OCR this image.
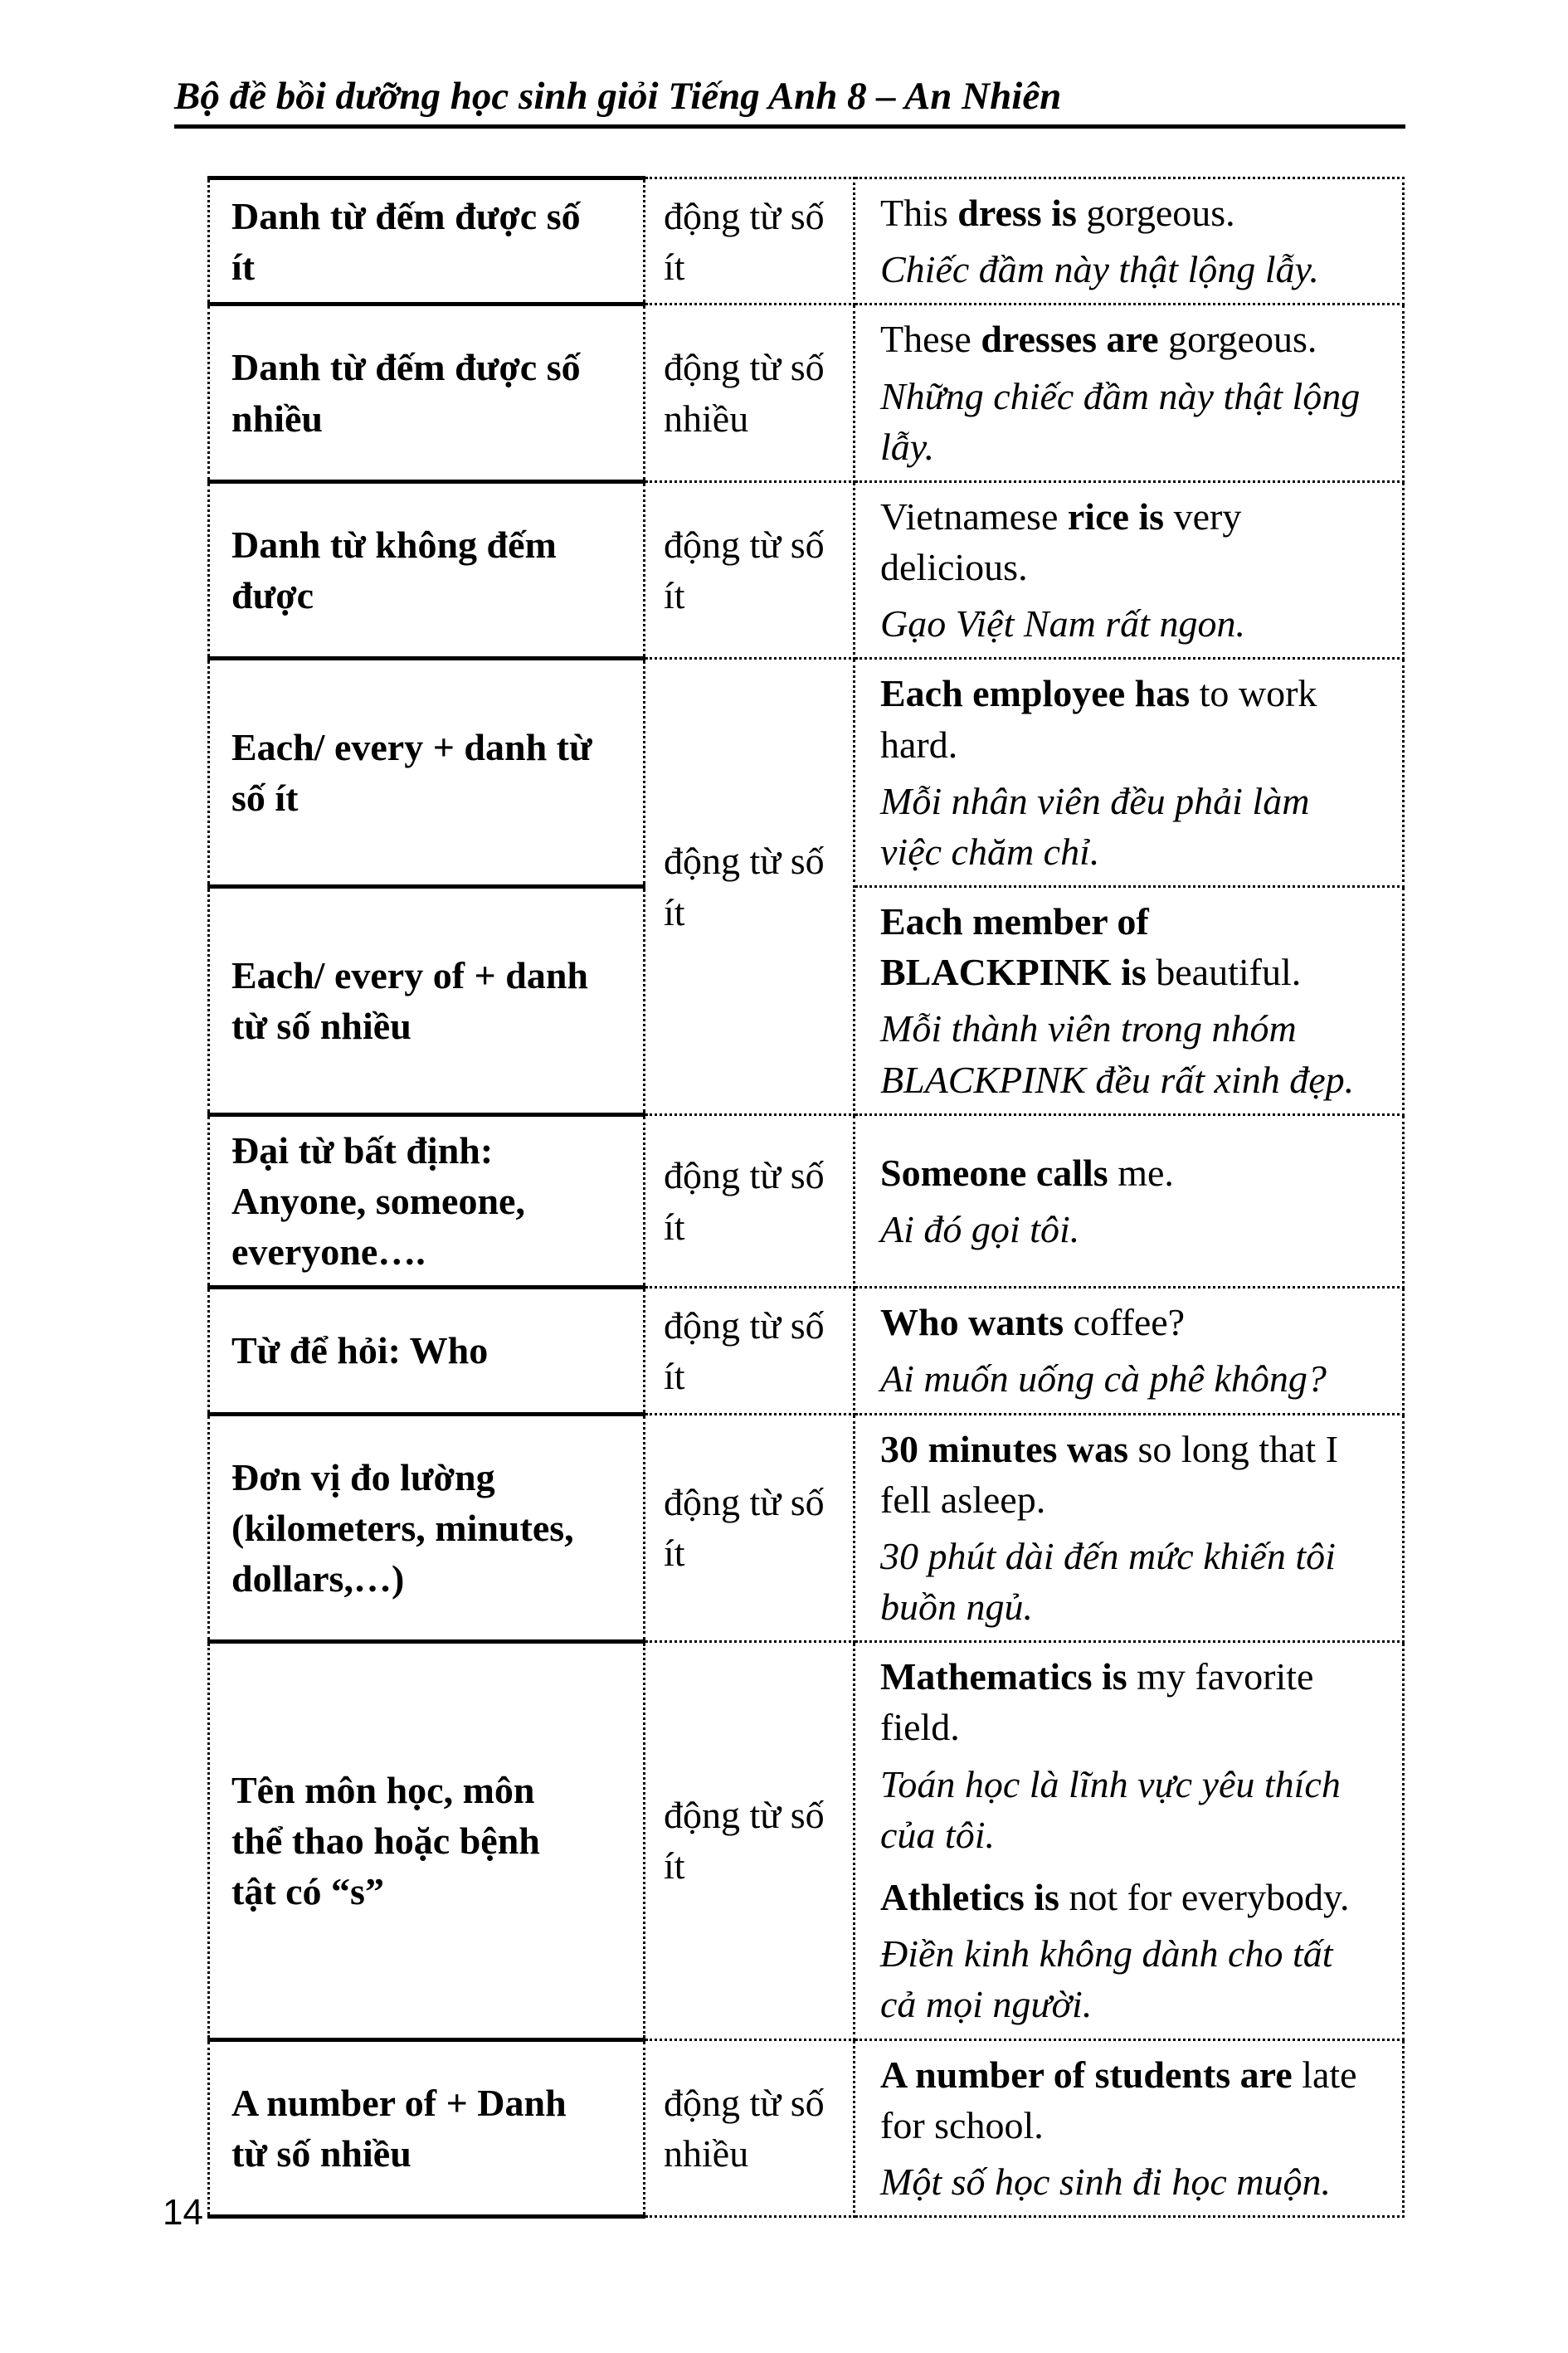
Bộ đề bồi dưỡng học sinh giỏi Tiếng Anh 8 – An Nhiên
Danh từ đếm được số ít	động từ số ít	This dress is gorgeous.

Chiếc đầm này thật lộng lẫy.

Danh từ đếm được số nhiều	động từ số nhiều	These dresses are gorgeous.

Những chiếc đầm này thật lộng lẫy.

Danh từ không đếm được	động từ số ít	Vietnamese rice is very delicious.

Gạo Việt Nam rất ngon.

Each/ every + danh từ số ít	động từ số ít	Each employee has to work hard.

Mỗi nhân viên đều phải làm việc chăm chỉ.

Each/ every of + danh từ số nhiều		Each member of BLACKPINK is beautiful.

Mỗi thành viên trong nhóm BLACKPINK đều rất xinh đẹp.

Đại từ bất định: Anyone, someone, everyone….	động từ số ít	Someone calls me.

Ai đó gọi tôi.

Từ để hỏi: Who	động từ số ít	Who wants coffee?

Ai muốn uống cà phê không?

Đơn vị đo lường (kilometers, minutes, dollars,…)	động từ số ít	30 minutes was so long that I fell asleep.

30 phút dài đến mức khiến tôi buồn ngủ.

Tên môn học, môn thể thao hoặc bệnh tật có “s”	động từ số ít	Mathematics is my favorite field.

Toán học là lĩnh vực yêu thích của tôi.

Athletics is not for everybody.

Điền kinh không dành cho tất cả mọi người.

A number of + Danh từ số nhiều	động từ số nhiều	A number of students are late for school.

Một số học sinh đi học muộn.

14
